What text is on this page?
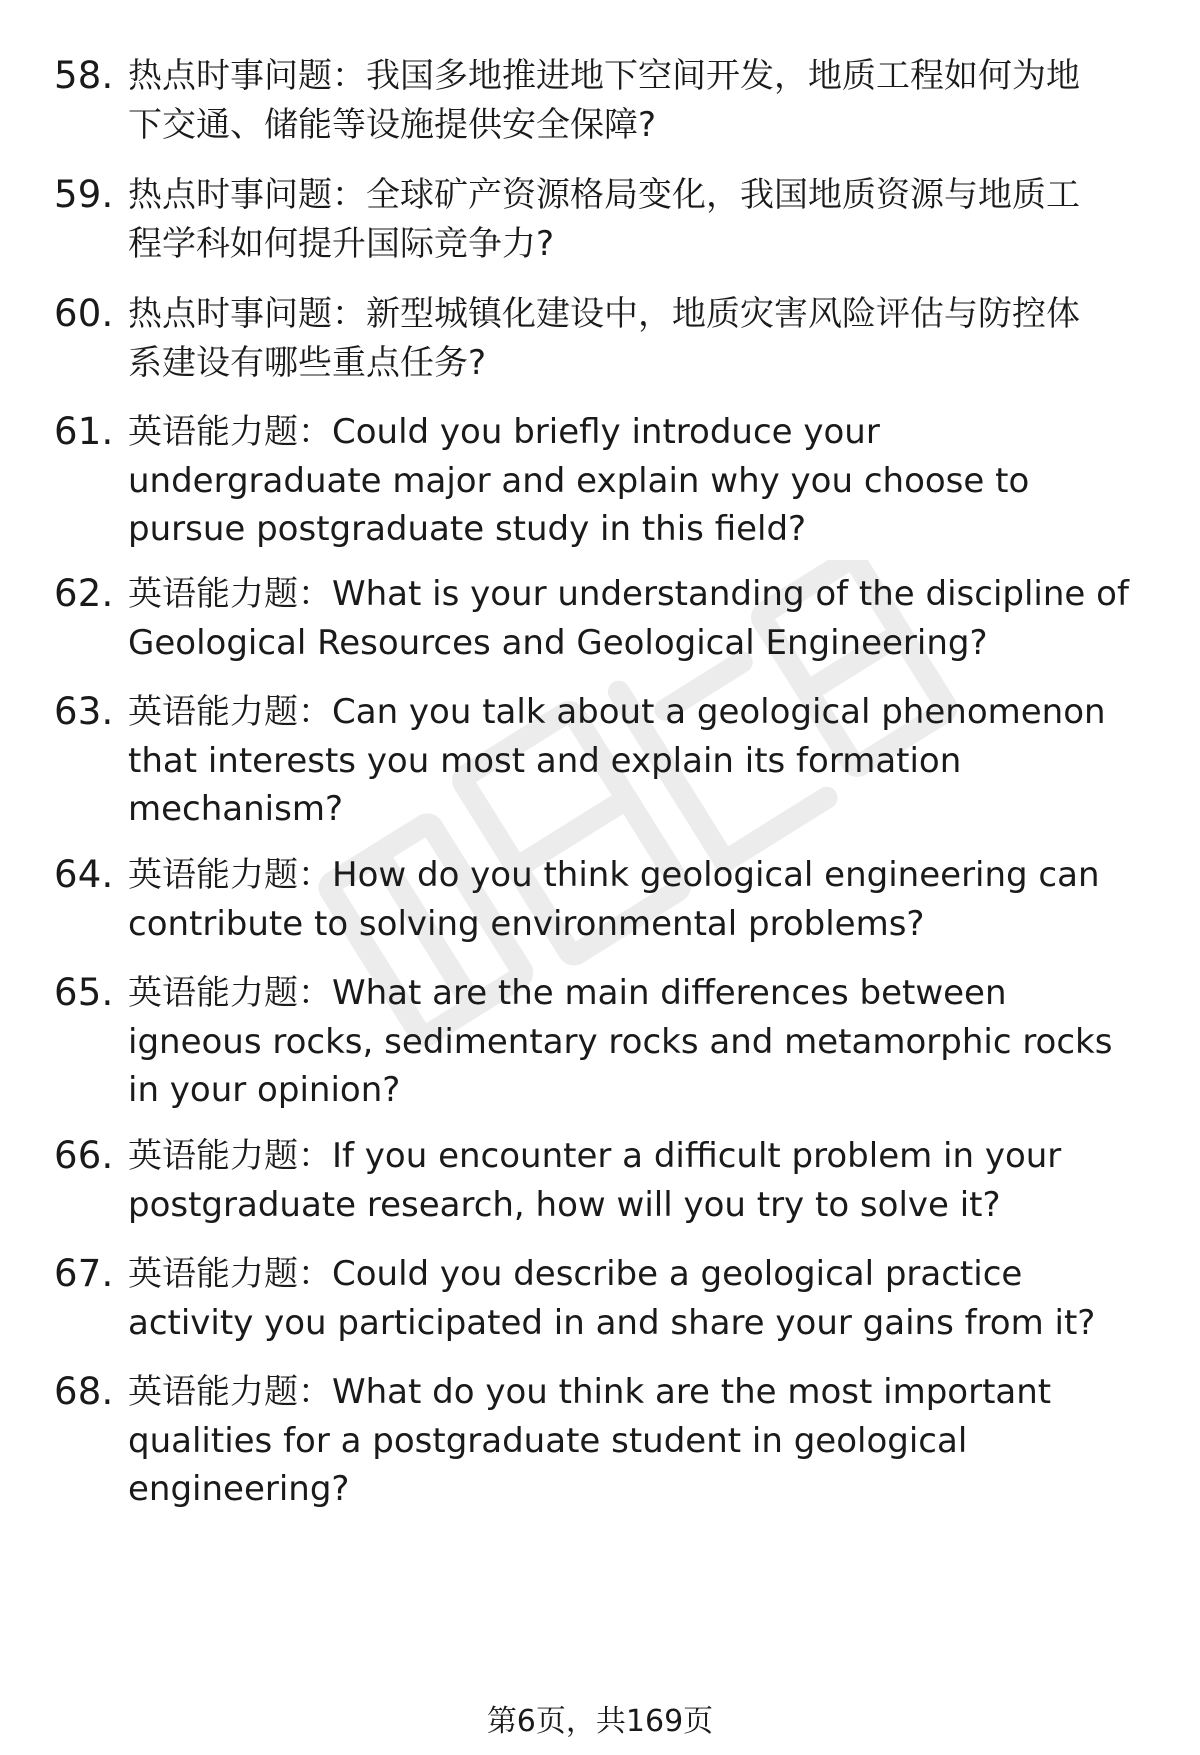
58. 热点时事问题：我国多地推进地下空间开发，地质工程如何为地
下交通、储能等设施提供安全保障?

59. 热点时事问题：全球矿产资源格局变化，我国地质资源与地质工
程学科如何提升国际竞争力?

60. 热点时事问题：新型城镇化建设中，地质灾害风险评估与防控体
系建设有哪些重点任务?

61. 英语能力题：Could you briefly introduce your
undergraduate major and explain why you choose to
pursue postgraduate study in this field?

62. 英语能力题：What is your understanding of the discipline of
Geological Resources and Geological Engineering?

63. 英语能力题：Can you talk about a geological phenomenon
that interests you most and explain its formation
mechanism?

64. 英语能力题：How do you think geological engineering can
contribute to solving environmental problems?

65. 英语能力题：What are the main differences between
igneous rocks, sedimentary rocks and metamorphic rocks
in your opinion?

66. 英语能力题：If you encounter a difficult problem in your
postgraduate research, how will you try to solve it?

67. 英语能力题：Could you describe a geological practice
activity you participated in and share your gains from it?

68. 英语能力题：What do you think are the most important
qualities for a postgraduate student in geological
engineering?

第6页，共169页
